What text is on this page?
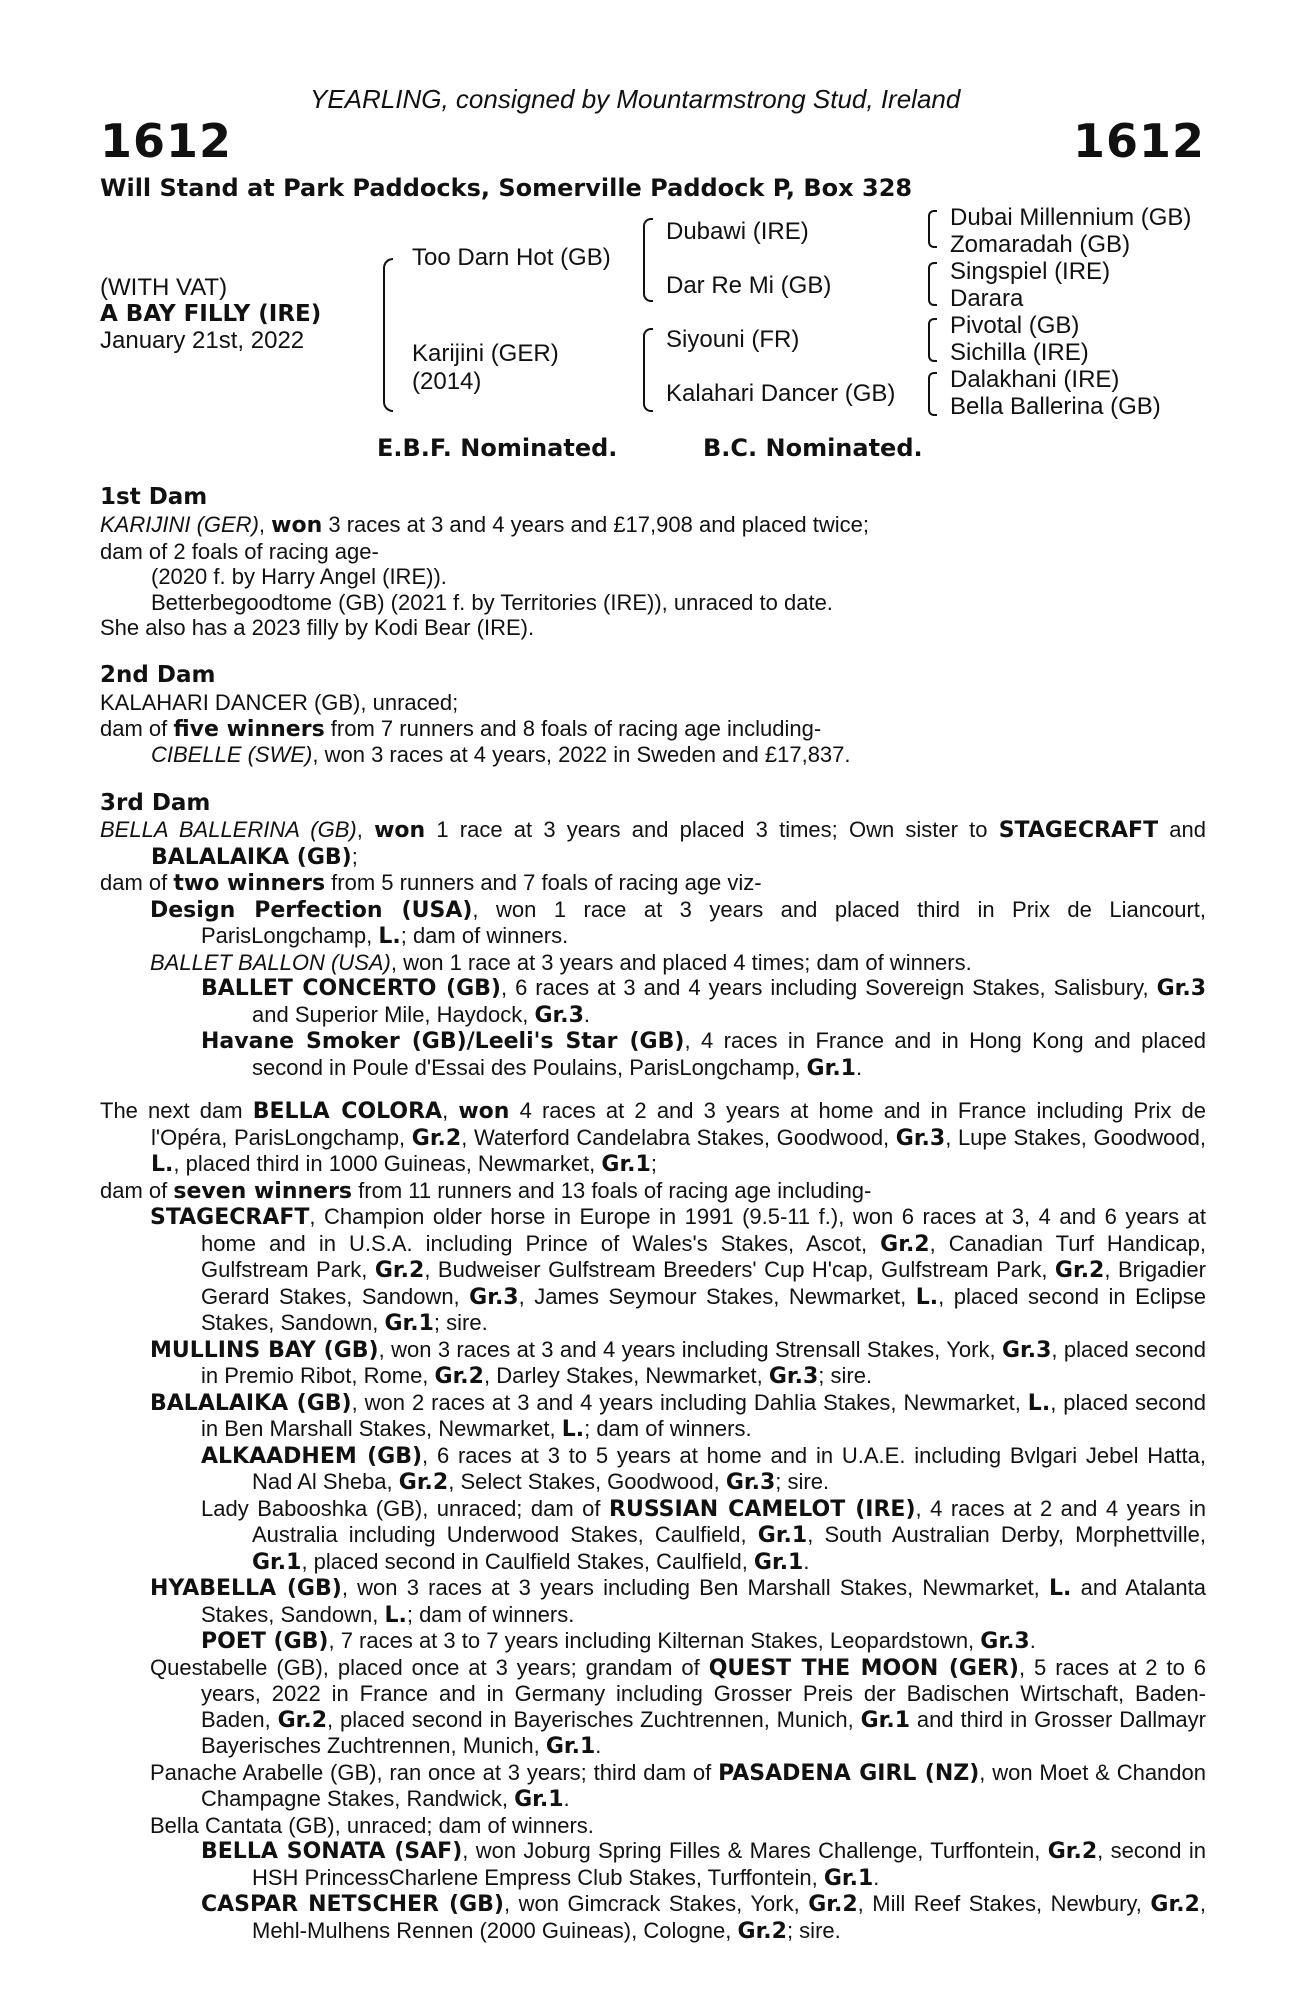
YEARLING, consigned by Mountarmstrong Stud, Ireland
1612	1612
Will Stand at Park Paddocks, Somerville Paddock P, Box 328
(WITH VAT)
A BAY FILLY (IRE)
January 21st, 2022
Too Darn Hot (GB)
Karijini (GER)
(2014)
Dubawi (IRE)
Dar Re Mi (GB)
Siyouni (FR)
Kalahari Dancer (GB)
Dubai Millennium (GB)
Zomaradah (GB)
Singspiel (IRE)
Darara
Pivotal (GB)
Sichilla (IRE)
Dalakhani (IRE)
Bella Ballerina (GB)
E.B.F. Nominated.	B.C. Nominated.
1st Dam

KARIJINI (GER), won 3 races at 3 and 4 years and £17,908 and placed twice;

dam of 2 foals of racing age-

(2020 f. by Harry Angel (IRE)).

Betterbegoodtome (GB) (2021 f. by Territories (IRE)), unraced to date.

She also has a 2023 filly by Kodi Bear (IRE).

2nd Dam

KALAHARI DANCER (GB), unraced;

dam of five winners from 7 runners and 8 foals of racing age including-

CIBELLE (SWE), won 3 races at 4 years, 2022 in Sweden and £17,837.

3rd Dam

BELLA BALLERINA (GB), won 1 race at 3 years and placed 3 times; Own sister to STAGECRAFT and BALALAIKA (GB);

dam of two winners from 5 runners and 7 foals of racing age viz-

Design Perfection (USA), won 1 race at 3 years and placed third in Prix de Liancourt, ParisLongchamp, L.; dam of winners.

BALLET BALLON (USA), won 1 race at 3 years and placed 4 times; dam of winners.

BALLET CONCERTO (GB), 6 races at 3 and 4 years including Sovereign Stakes, Salisbury, Gr.3 and Superior Mile, Haydock, Gr.3.

Havane Smoker (GB)/Leeli's Star (GB), 4 races in France and in Hong Kong and placed second in Poule d'Essai des Poulains, ParisLongchamp, Gr.1.

The next dam BELLA COLORA, won 4 races at 2 and 3 years at home and in France including Prix de l'Opéra, ParisLongchamp, Gr.2, Waterford Candelabra Stakes, Goodwood, Gr.3, Lupe Stakes, Goodwood, L., placed third in 1000 Guineas, Newmarket, Gr.1;

dam of seven winners from 11 runners and 13 foals of racing age including-

STAGECRAFT, Champion older horse in Europe in 1991 (9.5-11 f.), won 6 races at 3, 4 and 6 years at home and in U.S.A. including Prince of Wales's Stakes, Ascot, Gr.2, Canadian Turf Handicap, Gulfstream Park, Gr.2, Budweiser Gulfstream Breeders' Cup H'cap, Gulfstream Park, Gr.2, Brigadier Gerard Stakes, Sandown, Gr.3, James Seymour Stakes, Newmarket, L., placed second in Eclipse Stakes, Sandown, Gr.1; sire.

MULLINS BAY (GB), won 3 races at 3 and 4 years including Strensall Stakes, York, Gr.3, placed second in Premio Ribot, Rome, Gr.2, Darley Stakes, Newmarket, Gr.3; sire.

BALALAIKA (GB), won 2 races at 3 and 4 years including Dahlia Stakes, Newmarket, L., placed second in Ben Marshall Stakes, Newmarket, L.; dam of winners.

ALKAADHEM (GB), 6 races at 3 to 5 years at home and in U.A.E. including Bvlgari Jebel Hatta, Nad Al Sheba, Gr.2, Select Stakes, Goodwood, Gr.3; sire.

Lady Babooshka (GB), unraced; dam of RUSSIAN CAMELOT (IRE), 4 races at 2 and 4 years in Australia including Underwood Stakes, Caulfield, Gr.1, South Australian Derby, Morphettville, Gr.1, placed second in Caulfield Stakes, Caulfield, Gr.1.

HYABELLA (GB), won 3 races at 3 years including Ben Marshall Stakes, Newmarket, L. and Atalanta Stakes, Sandown, L.; dam of winners.

POET (GB), 7 races at 3 to 7 years including Kilternan Stakes, Leopardstown, Gr.3.

Questabelle (GB), placed once at 3 years; grandam of QUEST THE MOON (GER), 5 races at 2 to 6 years, 2022 in France and in Germany including Grosser Preis der Badischen Wirtschaft, Baden-Baden, Gr.2, placed second in Bayerisches Zuchtrennen, Munich, Gr.1 and third in Grosser Dallmayr Bayerisches Zuchtrennen, Munich, Gr.1.

Panache Arabelle (GB), ran once at 3 years; third dam of PASADENA GIRL (NZ), won Moet & Chandon Champagne Stakes, Randwick, Gr.1.

Bella Cantata (GB), unraced; dam of winners.

BELLA SONATA (SAF), won Joburg Spring Filles & Mares Challenge, Turffontein, Gr.2, second in HSH PrincessCharlene Empress Club Stakes, Turffontein, Gr.1.

CASPAR NETSCHER (GB), won Gimcrack Stakes, York, Gr.2, Mill Reef Stakes, Newbury, Gr.2, Mehl-Mulhens Rennen (2000 Guineas), Cologne, Gr.2; sire.
